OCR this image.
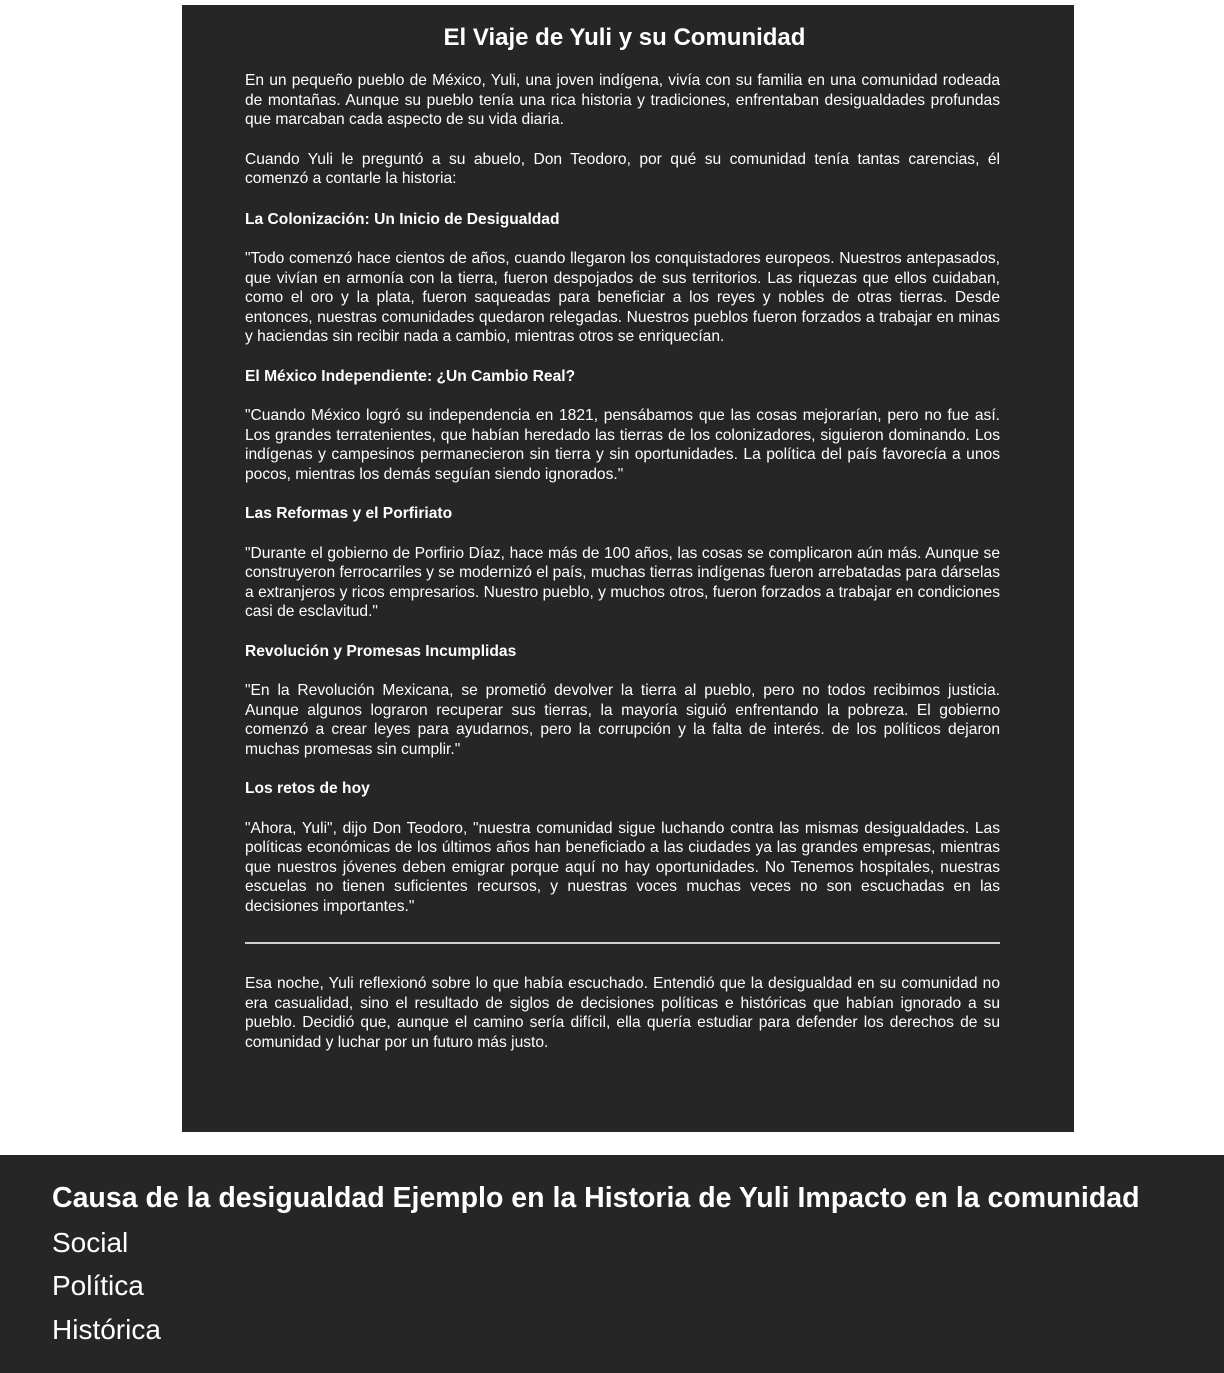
El Viaje de Yuli y su Comunidad

En un pequeño pueblo de México, Yuli, una joven indígena, vivía con su familia en una comunidad rodeada de montañas. Aunque su pueblo tenía una rica historia y tradiciones, enfrentaban desigualdades profundas que marcaban cada aspecto de su vida diaria.

Cuando Yuli le preguntó a su abuelo, Don Teodoro, por qué su comunidad tenía tantas carencias, él comenzó a contarle la historia:

La Colonización: Un Inicio de Desigualdad

"Todo comenzó hace cientos de años, cuando llegaron los conquistadores europeos. Nuestros antepasados, que vivían en armonía con la tierra, fueron despojados de sus territorios. Las riquezas que ellos cuidaban, como el oro y la plata, fueron saqueadas para beneficiar a los reyes y nobles de otras tierras. Desde entonces, nuestras comunidades quedaron relegadas. Nuestros pueblos fueron forzados a trabajar en minas y haciendas sin recibir nada a cambio, mientras otros se enriquecían.

El México Independiente: ¿Un Cambio Real?

"Cuando México logró su independencia en 1821, pensábamos que las cosas mejorarían, pero no fue así. Los grandes terratenientes, que habían heredado las tierras de los colonizadores, siguieron dominando. Los indígenas y campesinos permanecieron sin tierra y sin oportunidades. La política del país favorecía a unos pocos, mientras los demás seguían siendo ignorados."

Las Reformas y el Porfiriato

"Durante el gobierno de Porfirio Díaz, hace más de 100 años, las cosas se complicaron aún más. Aunque se construyeron ferrocarriles y se modernizó el país, muchas tierras indígenas fueron arrebatadas para dárselas a extranjeros y ricos empresarios. Nuestro pueblo, y muchos otros, fueron forzados a trabajar en condiciones casi de esclavitud."

Revolución y Promesas Incumplidas

"En la Revolución Mexicana, se prometió devolver la tierra al pueblo, pero no todos recibimos justicia. Aunque algunos lograron recuperar sus tierras, la mayoría siguió enfrentando la pobreza. El gobierno comenzó a crear leyes para ayudarnos, pero la corrupción y la falta de interés. de los políticos dejaron muchas promesas sin cumplir."

Los retos de hoy

"Ahora, Yuli", dijo Don Teodoro, "nuestra comunidad sigue luchando contra las mismas desigualdades. Las políticas económicas de los últimos años han beneficiado a las ciudades ya las grandes empresas, mientras que nuestros jóvenes deben emigrar porque aquí no hay oportunidades. No Tenemos hospitales, nuestras escuelas no tienen suficientes recursos, y nuestras voces muchas veces no son escuchadas en las decisiones importantes."

Esa noche, Yuli reflexionó sobre lo que había escuchado. Entendió que la desigualdad en su comunidad no era casualidad, sino el resultado de siglos de decisiones políticas e históricas que habían ignorado a su pueblo. Decidió que, aunque el camino sería difícil, ella quería estudiar para defender los derechos de su comunidad y luchar por un futuro más justo.

Causa de la desigualdad Ejemplo en la Historia de Yuli Impacto en la comunidad
Social
Política
Histórica
